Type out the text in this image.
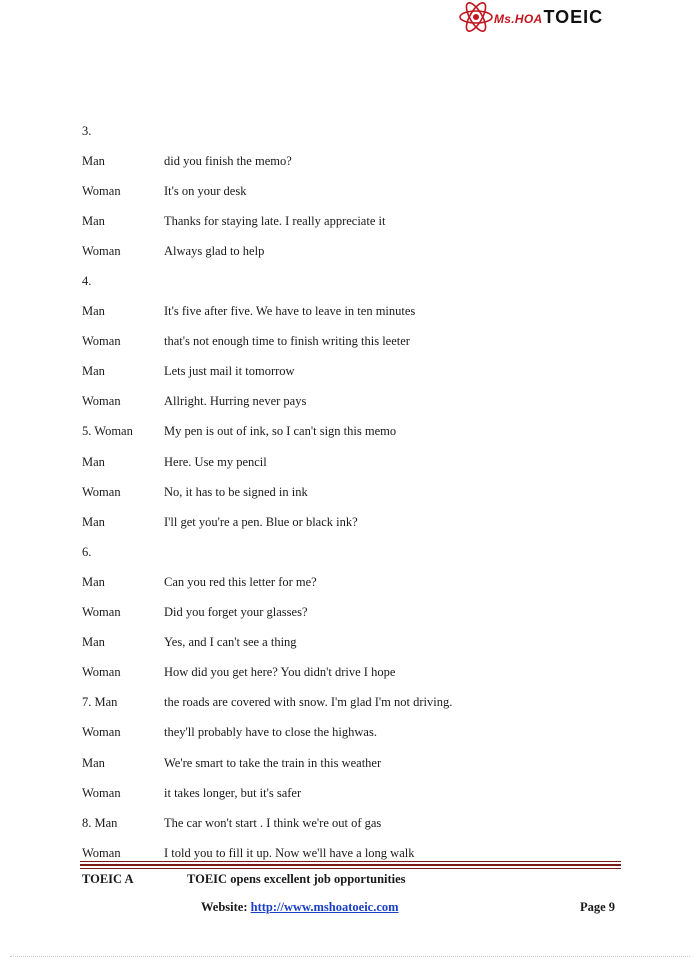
Ms.HOATOEIC
3.
Man	did you finish the memo?
Woman	It's on your desk
Man	Thanks for staying late. I really appreciate it
Woman	Always glad to help
4.
Man	It's five after five. We have to leave in ten minutes
Woman	that's not enough time to finish writing this leeter
Man	Lets just mail it tomorrow
Woman	Allright. Hurring never pays
5. Woman	My pen is out of ink, so I can't sign this memo
Man	Here. Use my pencil
Woman	No, it has to be signed in ink
Man	I'll get you're a pen. Blue or black ink?
6.
Man	Can you red this letter for me?
Woman	Did you forget your glasses?
Man	Yes, and I can't see a thing
Woman	How did you get here? You didn't drive I hope
7. Man	the roads are covered with snow. I'm glad I'm not driving.
Woman	they'll probably have to close the highwas.
Man	We're smart to take the train in this weather
Woman	it takes longer, but it's safer
8. Man	The car won't start . I think we're out of gas
Woman	I told you to fill it up. Now we'll have a long walk
TOEIC A	TOEIC opens excellent job opportunities
Website: http://www.mshoatoeic.com	Page 9
